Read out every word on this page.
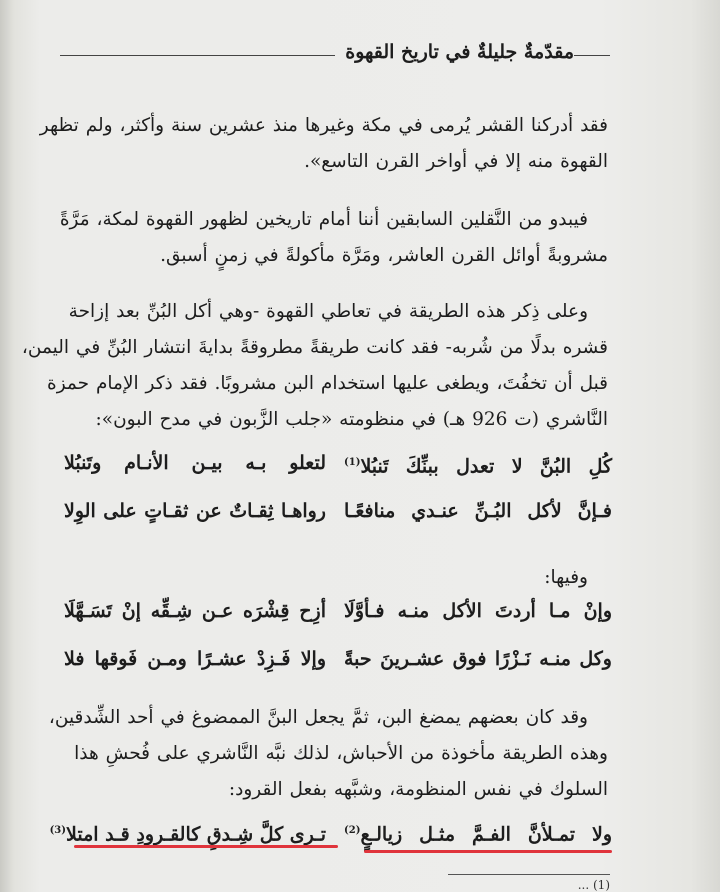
مقدّمةٌ جليلةٌ في تاريخ القهوة
فقد أدركنا القشر يُرمى في مكة وغيرها منذ عشرين سنة وأكثر، ولم تظهر
القهوة منه إلا في أواخر القرن التاسع».
فيبدو من النَّقلين السابقين أننا أمام تاريخين لظهور القهوة لمكة، مَرَّةً
مشروبةً أوائل القرن العاشر، ومَرَّة مأكولةً في زمنٍ أسبق.
وعلى ذِكر هذه الطريقة في تعاطي القهوة -وهي أكل البُنِّ بعد إزاحة
قشره بدلًا من شُربه- فقد كانت طريقةً مطروقةً بدايةَ انتشار البُنِّ في اليمن،
قبل أن تخفُتَ، ويطغى عليها استخدام البن مشروبًا. فقد ذكر الإمام حمزة
النَّاشري (ت 926 هـ) في منظومته «جلب الزَّبون في مدح البون»:
كُلِ البُنَّ لا تعدل ببنِّكَ تَنبُلا$^{(1)}$
لتعلو بـه بيـن الأنـام وتَنبُلا
فـإنَّ لأكل البُـنِّ عنـدي منافعًـا
رواهـا ثِقـاتٌ عن ثقـاتٍ على الوِلا
وفيها:
وإنْ مـا أردتَ الأكل منـه فـأوَّلَا
أزِح قِشْرَه عـن شِـقِّه إنْ تَسَـهَّلَا
وكل منـه نَـزْرًا فوق عشـرينَ حبةً
وإلا فَـزِدْ عشـرًا ومـن فَوقها فلا
وقد كان بعضهم يمضغ البن، ثمَّ يجعل البنَّ الممضوغ في أحد الشِّدقين،
وهذه الطريقة مأخوذة من الأحباش، لذلك نبَّه النَّاشري على فُحشِ هذا
السلوك في نفس المنظومة، وشبَّهه بفعل القرود:
ولا تمـلأنَّ الفـمَّ مثـل زيالـعٍ$^{(2)}$
تـرى كلَّ شِـدقٍ كالقـرودِ قـد امتلا$^{(3)}$
(1) ...
